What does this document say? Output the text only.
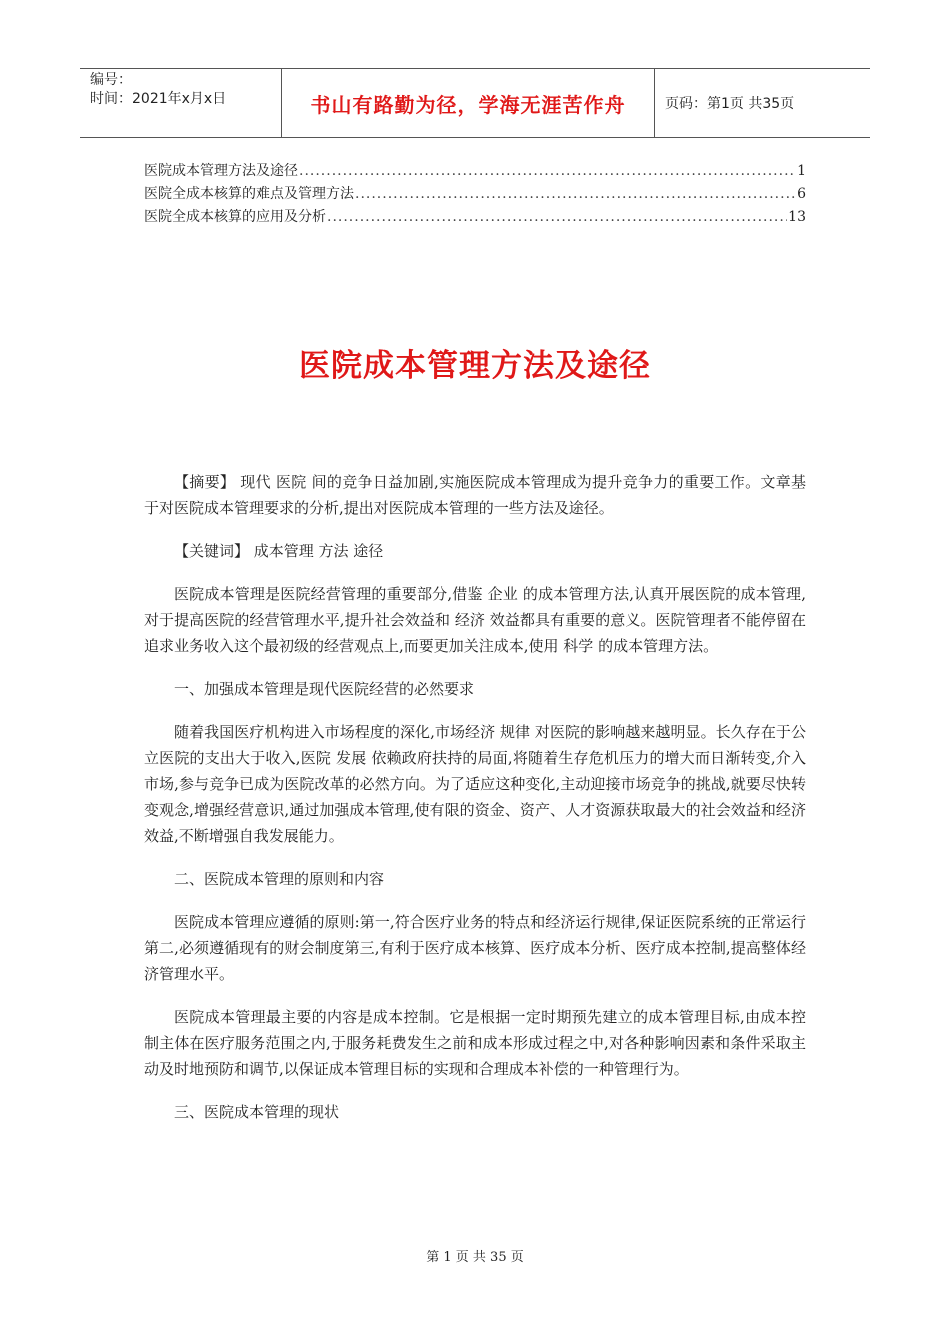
编号：
时间：2021年x月x日	书山有路勤为径，学海无涯苦作舟	页码：第1页 共35页
医院成本管理方法及途径 .....	1
医院全成本核算的难点及管理方法 .....	6
医院全成本核算的应用及分析 .....	13
医院成本管理方法及途径

【摘要】 现代 医院 间的竞争日益加剧,实施医院成本管理成为提升竞争力的重要工作。文章基于对医院成本管理要求的分析,提出对医院成本管理的一些方法及途径。

【关键词】 成本管理 方法 途径

医院成本管理是医院经营管理的重要部分,借鉴 企业 的成本管理方法,认真开展医院的成本管理,对于提高医院的经营管理水平,提升社会效益和 经济 效益都具有重要的意义。医院管理者不能停留在追求业务收入这个最初级的经营观点上,而要更加关注成本,使用 科学 的成本管理方法。

一、加强成本管理是现代医院经营的必然要求

随着我国医疗机构进入市场程度的深化,市场经济 规律 对医院的影响越来越明显。长久存在于公立医院的支出大于收入,医院 发展 依赖政府扶持的局面,将随着生存危机压力的增大而日渐转变,介入市场,参与竞争已成为医院改革的必然方向。为了适应这种变化,主动迎接市场竞争的挑战,就要尽快转变观念,增强经营意识,通过加强成本管理,使有限的资金、资产、人才资源获取最大的社会效益和经济效益,不断增强自我发展能力。

二、医院成本管理的原则和内容

医院成本管理应遵循的原则:第一,符合医疗业务的特点和经济运行规律,保证医院系统的正常运行第二,必须遵循现有的财会制度第三,有利于医疗成本核算、医疗成本分析、医疗成本控制,提高整体经济管理水平。

医院成本管理最主要的内容是成本控制。它是根据一定时期预先建立的成本管理目标,由成本控制主体在医疗服务范围之内,于服务耗费发生之前和成本形成过程之中,对各种影响因素和条件采取主动及时地预防和调节,以保证成本管理目标的实现和合理成本补偿的一种管理行为。

三、医院成本管理的现状

第 1 页 共 35 页
